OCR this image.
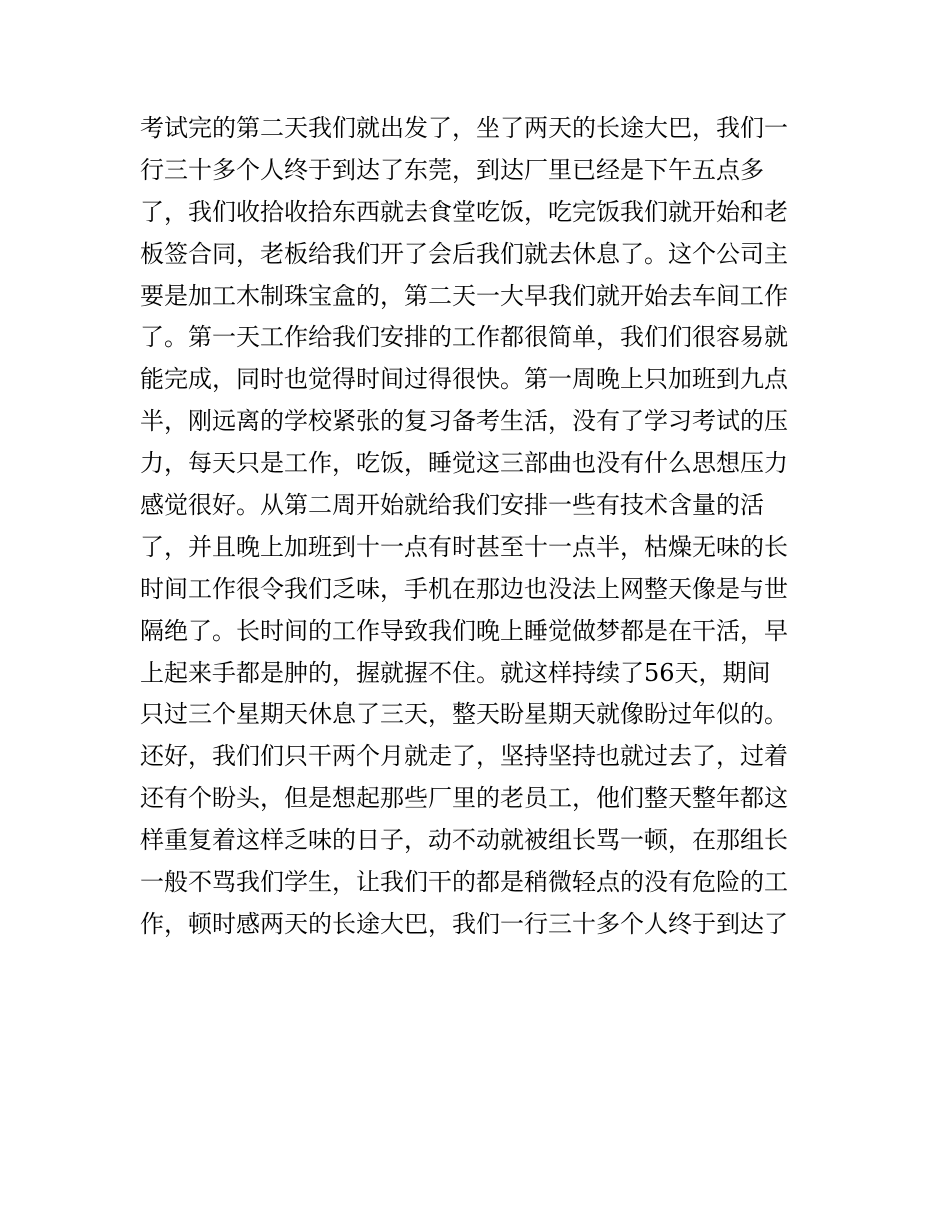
考试完的第二天我们就出发了，坐了两天的长途大巴，我们一
行三十多个人终于到达了东莞，到达厂里已经是下午五点多
了，我们收拾收拾东西就去食堂吃饭，吃完饭我们就开始和老
板签合同，老板给我们开了会后我们就去休息了。这个公司主
要是加工木制珠宝盒的，第二天一大早我们就开始去车间工作
了。第一天工作给我们安排的工作都很简单，我们们很容易就
能完成，同时也觉得时间过得很快。第一周晚上只加班到九点
半，刚远离的学校紧张的复习备考生活，没有了学习考试的压
力，每天只是工作，吃饭，睡觉这三部曲也没有什么思想压力
感觉很好。从第二周开始就给我们安排一些有技术含量的活
了，并且晚上加班到十一点有时甚至十一点半，枯燥无味的长
时间工作很令我们乏味，手机在那边也没法上网整天像是与世
隔绝了。长时间的工作导致我们晚上睡觉做梦都是在干活，早
上起来手都是肿的，握就握不住。就这样持续了56天，期间
只过三个星期天休息了三天，整天盼星期天就像盼过年似的。
还好，我们们只干两个月就走了，坚持坚持也就过去了，过着
还有个盼头，但是想起那些厂里的老员工，他们整天整年都这
样重复着这样乏味的日子，动不动就被组长骂一顿，在那组长
一般不骂我们学生，让我们干的都是稍微轻点的没有危险的工
作，顿时感两天的长途大巴，我们一行三十多个人终于到达了
